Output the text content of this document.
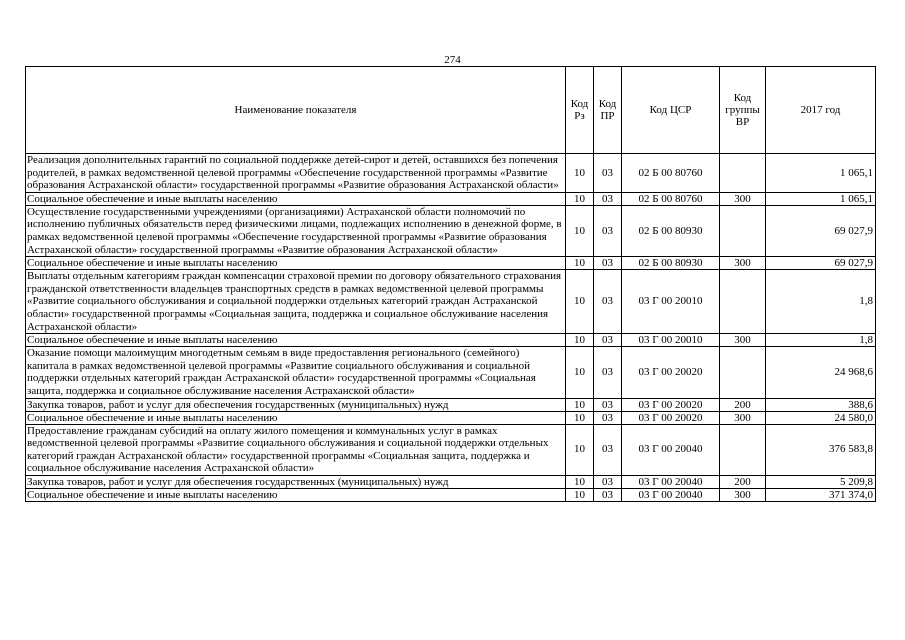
274
Наименование показателя	Код Рз	Код ПР	Код ЦСР	Код группы ВР	2017 год
Реализация дополнительных гарантий по социальной поддержке детей-сирот и детей, оставшихся без попечения родителей, в рамках ведомственной целевой программы «Обеспечение государственной программы «Развитие образования Астраханской области» государственной программы «Развитие образования Астраханской области»	10	03	02 Б 00 80760		1 065,1
Социальное обеспечение и иные выплаты населению	10	03	02 Б 00 80760	300	1 065,1
Осуществление государственными учреждениями (организациями) Астраханской области полномочий по исполнению публичных обязательств перед физическими лицами, подлежащих исполнению в денежной форме, в рамках ведомственной целевой программы «Обеспечение государственной программы «Развитие образования Астраханской области» государственной программы «Развитие образования Астраханской области»	10	03	02 Б 00 80930		69 027,9
Социальное обеспечение и иные выплаты населению	10	03	02 Б 00 80930	300	69 027,9
Выплаты отдельным категориям граждан компенсации страховой премии по договору обязательного страхования гражданской ответственности владельцев транспортных средств в рамках ведомственной целевой программы «Развитие социального обслуживания и социальной поддержки отдельных категорий граждан Астраханской области» государственной программы «Социальная защита, поддержка и социальное обслуживание населения Астраханской области»	10	03	03 Г 00 20010		1,8
Социальное обеспечение и иные выплаты населению	10	03	03 Г 00 20010	300	1,8
Оказание помощи малоимущим многодетным семьям в виде предоставления регионального (семейного) капитала в рамках ведомственной целевой программы «Развитие социального обслуживания и социальной поддержки отдельных категорий граждан Астраханской области» государственной программы «Социальная защита, поддержка и социальное обслуживание населения Астраханской области»	10	03	03 Г 00 20020		24 968,6
Закупка товаров, работ и услуг для обеспечения государственных (муниципальных) нужд	10	03	03 Г 00 20020	200	388,6
Социальное обеспечение и иные выплаты населению	10	03	03 Г 00 20020	300	24 580,0
Предоставление гражданам субсидий на оплату жилого помещения и коммунальных услуг в рамках ведомственной целевой программы «Развитие социального обслуживания и социальной поддержки отдельных категорий граждан Астраханской области» государственной программы «Социальная защита, поддержка и социальное обслуживание населения Астраханской области»	10	03	03 Г 00 20040		376 583,8
Закупка товаров, работ и услуг для обеспечения государственных (муниципальных) нужд	10	03	03 Г 00 20040	200	5 209,8
Социальное обеспечение и иные выплаты населению	10	03	03 Г 00 20040	300	371 374,0
